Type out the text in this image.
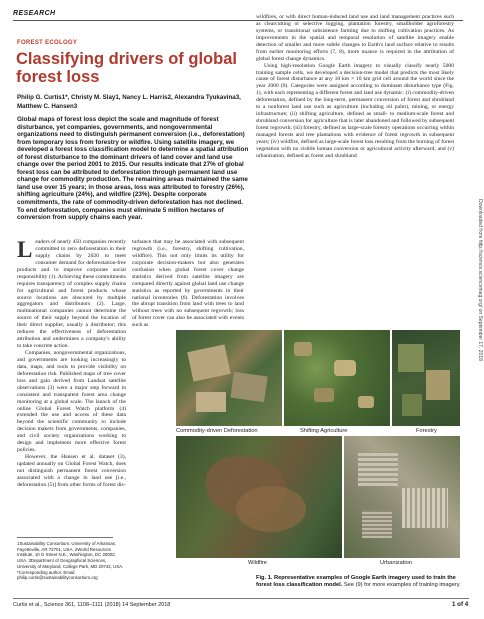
RESEARCH
FOREST ECOLOGY
Classifying drivers of global forest loss
Philip G. Curtis1*, Christy M. Slay1, Nancy L. Harris2, Alexandra Tyukavina3, Matthew C. Hansen3
Global maps of forest loss depict the scale and magnitude of forest disturbance, yet companies, governments, and nongovernmental organizations need to distinguish permanent conversion (i.e., deforestation) from temporary loss from forestry or wildfire. Using satellite imagery, we developed a forest loss classification model to determine a spatial attribution of forest disturbance to the dominant drivers of land cover and land use change over the period 2001 to 2015. Our results indicate that 27% of global forest loss can be attributed to deforestation through permanent land use change for commodity production. The remaining areas maintained the same land use over 15 years; in those areas, loss was attributed to forestry (26%), shifting agriculture (24%), and wildfire (23%). Despite corporate commitments, the rate of commodity-driven deforestation has not declined. To end deforestation, companies must eliminate 5 million hectares of conversion from supply chains each year.

Leaders of nearly 450 companies recently committed to zero deforestation in their supply chains by 2020 to meet consumer demand for deforestation-free products and to improve corporate social responsibility (1). Achieving these commitments requires transparency of complex supply chains for agricultural and forest products whose source locations are obscured by multiple aggregators and distributors (2). Large, multinational companies cannot determine the source of their supply beyond the location of their direct supplier, usually a distributor; this reduces the effectiveness of deforestation attribution and undermines a company's ability to take concrete action.

Companies, nongovernmental organizations, and governments are looking increasingly to data, maps, and tools to provide visibility on deforestation risk. Published maps of tree cover loss and gain derived from Landsat satellite observations (3) were a major step forward in consistent and transparent forest area change monitoring at a global scale. The launch of the online Global Forest Watch platform (4) extended the use and access of these data beyond the scientific community to include decision makers from governments, companies, and civil society organizations working to design and implement more effective forest policies.

However, the Hansen et al. dataset (3), updated annually on Global Forest Watch, does not distinguish permanent forest conversion associated with a change in land use [i.e., deforestation (5)] from other forms of forest dis-

turbance that may be associated with subsequent regrowth (i.e., forestry, shifting cultivation, wildfire). This not only limits its utility for corporate decision-makers but also generates confusion when global forest cover change statistics derived from satellite imagery are compared directly against global land use change statistics as reported by governments in their national inventories (6). Deforestation involves the abrupt transition from land with trees to land without trees with no subsequent regrowth; loss of forest cover can also be associated with events such as

wildfires, or with direct human-induced land use and land management practices such as clearcutting or selective logging, plantation forestry, smallholder agroforestry systems, or transitional subsistence farming due to shifting cultivation practices. As improvements in the spatial and temporal resolution of satellite imagery enable detection of smaller and more subtle changes to Earth's land surface relative to results from earlier monitoring efforts (7, 8), more nuance is required in the attribution of global forest change dynamics.

Using high-resolution Google Earth imagery to visually classify nearly 5000 training sample cells, we developed a decision-tree model that predicts the most likely cause of forest disturbance at any 10 km × 10 km grid cell around the world since the year 2000 (9). Categories were assigned according to dominant disturbance type (Fig. 1), with each representing a different forest and land use dynamic: (i) commodity-driven deforestation, defined by the long-term, permanent conversion of forest and shrubland to a nonforest land use such as agriculture (including oil palm), mining, or energy infrastructure; (ii) shifting agriculture, defined as small- to medium-scale forest and shrubland conversion for agriculture that is later abandoned and followed by subsequent forest regrowth; (iii) forestry, defined as large-scale forestry operations occurring within managed forests and tree plantations with evidence of forest regrowth in subsequent years; (iv) wildfire, defined as large-scale forest loss resulting from the burning of forest vegetation with no visible human conversion or agricultural activity afterward; and (v) urbanization, defined as forest and shrubland

Downloaded from http://science.sciencemag.org/ on September 17, 2018
Commodity-driven Deforestation	Shifting Agriculture	Forestry
Wildfire	Urbanization
1Sustainability Consortium, University of Arkansas, Fayetteville, AR 72701, USA. 2World Resources Institute, 10 G Street N.E., Washington, DC 20002, USA. 3Department of Geographical Sciences, University of Maryland, College Park, MD 20742, USA. *Corresponding author. Email: philip.curtis@sustainabilityconsortium.org	Fig. 1. Representative examples of Google Earth imagery used to train the forest loss classification model. See (9) for more examples of training imagery.
Curtis et al., Science 361, 1108–1111 (2018) 14 September 2018	1 of 4
